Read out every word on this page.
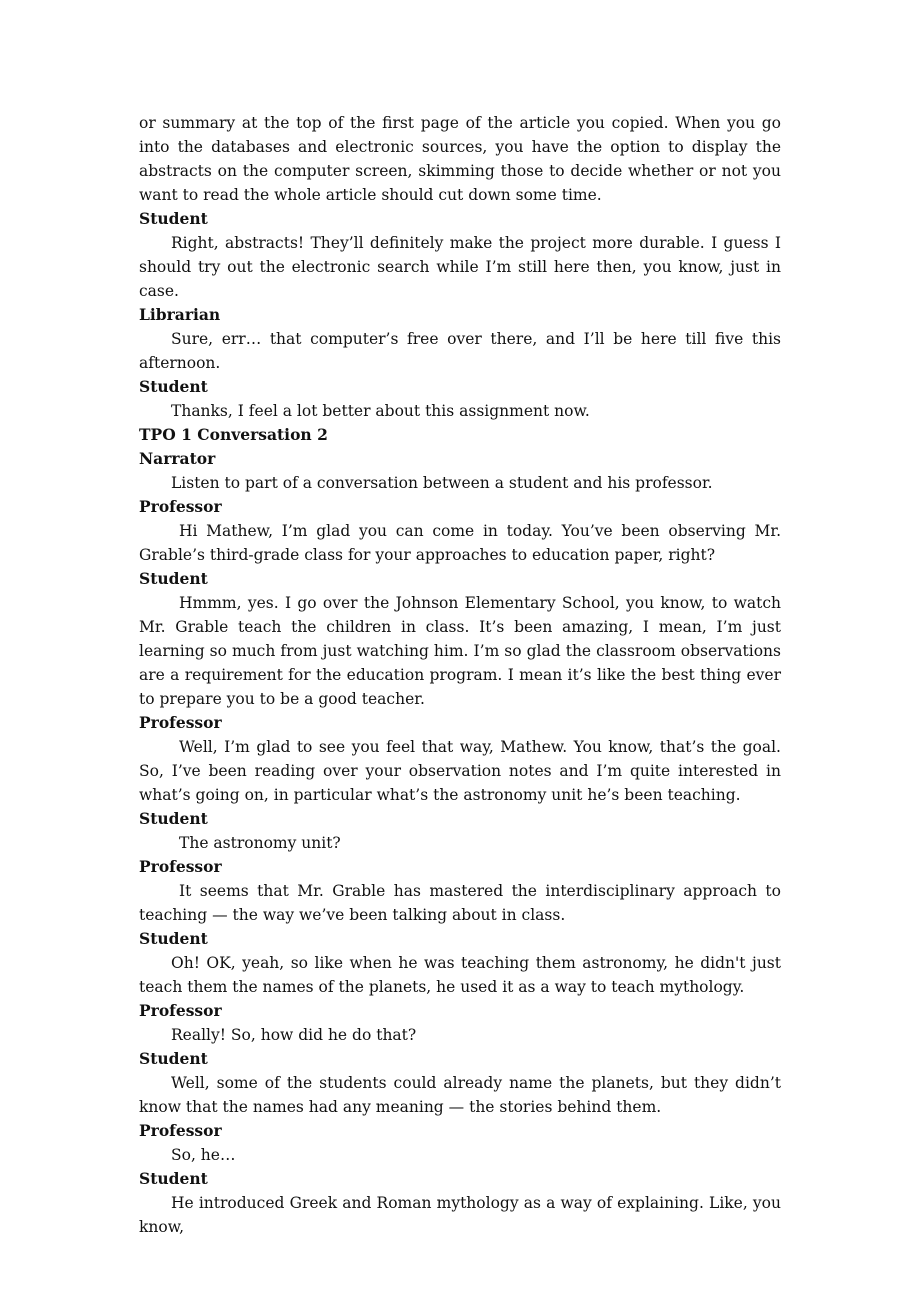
or summary at the top of the first page of the article you copied. When you go into the databases and electronic sources, you have the option to display the abstracts on the computer screen, skimming those to decide whether or not you want to read the whole article should cut down some time.

Student

Right, abstracts! They’ll definitely make the project more durable. I guess I should try out the electronic search while I’m still here then, you know, just in case.

Librarian

Sure, err… that computer’s free over there, and I’ll be here till five this afternoon.

Student

Thanks, I feel a lot better about this assignment now.

TPO 1 Conversation 2

Narrator

Listen to part of a conversation between a student and his professor.

Professor

Hi Mathew, I’m glad you can come in today. You’ve been observing Mr. Grable’s third-grade class for your approaches to education paper, right?

Student

Hmmm, yes. I go over the Johnson Elementary School, you know, to watch Mr. Grable teach the children in class. It’s been amazing, I mean, I’m just learning so much from just watching him. I’m so glad the classroom observations are a requirement for the education program. I mean it’s like the best thing ever to prepare you to be a good teacher.

Professor

Well, I’m glad to see you feel that way, Mathew. You know, that’s the goal. So, I’ve been reading over your observation notes and I’m quite interested in what’s going on, in particular what’s the astronomy unit he’s been teaching.

Student

The astronomy unit?

Professor

It seems that Mr. Grable has mastered the interdisciplinary approach to teaching — the way we’ve been talking about in class.

Student

Oh! OK, yeah, so like when he was teaching them astronomy, he didn't just teach them the names of the planets, he used it as a way to teach mythology.

Professor

Really! So, how did he do that?

Student

Well, some of the students could already name the planets, but they didn’t know that the names had any meaning — the stories behind them.

Professor

So, he…

Student

He introduced Greek and Roman mythology as a way of explaining. Like, you know,
